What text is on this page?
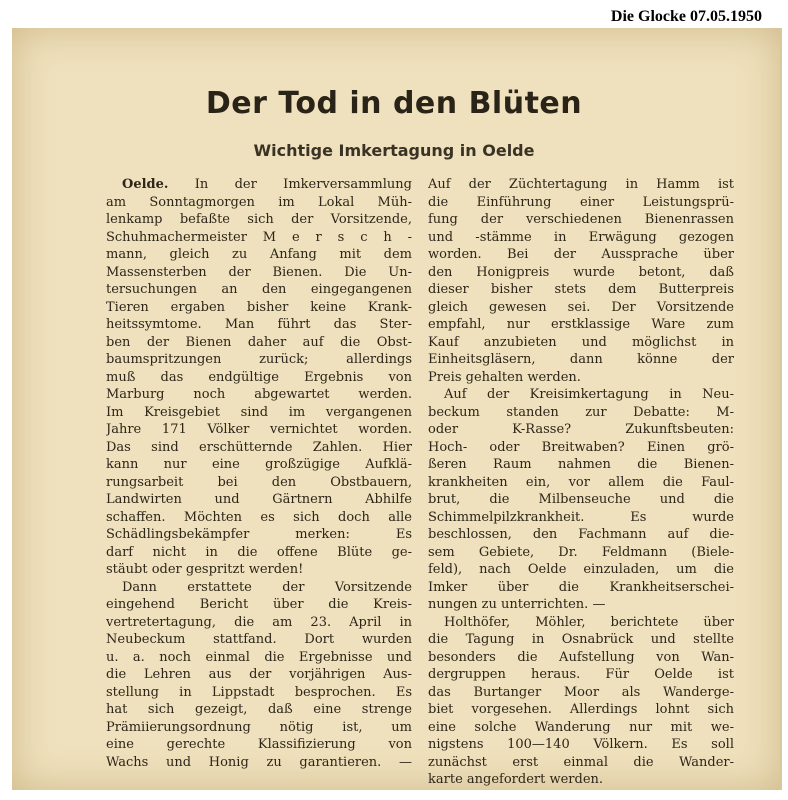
Die Glocke 07.05.1950
Der Tod in den Blüten
Wichtige Imkertagung in Oelde
Oelde. In der Imkerversammlung
am Sonntagmorgen im Lokal Müh-
lenkamp befaßte sich der Vorsitzende,
Schuhmachermeister M e r s c h -
mann, gleich zu Anfang mit dem
Massensterben der Bienen. Die Un-
tersuchungen an den eingegangenen
Tieren ergaben bisher keine Krank-
heitssymtome. Man führt das Ster-
ben der Bienen daher auf die Obst-
baumspritzungen zurück; allerdings
muß das endgültige Ergebnis von
Marburg noch abgewartet werden.
Im Kreisgebiet sind im vergangenen
Jahre 171 Völker vernichtet worden.
Das sind erschütternde Zahlen. Hier
kann nur eine großzügige Aufklä-
rungsarbeit bei den Obstbauern,
Landwirten und Gärtnern Abhilfe
schaffen. Möchten es sich doch alle
Schädlingsbekämpfer merken: Es
darf nicht in die offene Blüte ge-
stäubt oder gespritzt werden!
Dann erstattete der Vorsitzende
eingehend Bericht über die Kreis-
vertretertagung, die am 23. April in
Neubeckum stattfand. Dort wurden
u. a. noch einmal die Ergebnisse und
die Lehren aus der vorjährigen Aus-
stellung in Lippstadt besprochen. Es
hat sich gezeigt, daß eine strenge
Prämiierungsordnung nötig ist, um
eine gerechte Klassifizierung von
Wachs und Honig zu garantieren. —
Auf der Züchtertagung in Hamm ist
die Einführung einer Leistungsprü-
fung der verschiedenen Bienenrassen
und -stämme in Erwägung gezogen
worden. Bei der Aussprache über
den Honigpreis wurde betont, daß
dieser bisher stets dem Butterpreis
gleich gewesen sei. Der Vorsitzende
empfahl, nur erstklassige Ware zum
Kauf anzubieten und möglichst in
Einheitsgläsern, dann könne der
Preis gehalten werden.
Auf der Kreisimkertagung in Neu-
beckum standen zur Debatte: M-
oder K-Rasse? Zukunftsbeuten:
Hoch- oder Breitwaben? Einen grö-
ßeren Raum nahmen die Bienen-
krankheiten ein, vor allem die Faul-
brut, die Milbenseuche und die
Schimmelpilzkrankheit. Es wurde
beschlossen, den Fachmann auf die-
sem Gebiete, Dr. Feldmann (Biele-
feld), nach Oelde einzuladen, um die
Imker über die Krankheitserschei-
nungen zu unterrichten. —
Holthöfer, Möhler, berichtete über
die Tagung in Osnabrück und stellte
besonders die Aufstellung von Wan-
dergruppen heraus. Für Oelde ist
das Burtanger Moor als Wanderge-
biet vorgesehen. Allerdings lohnt sich
eine solche Wanderung nur mit we-
nigstens 100—140 Völkern. Es soll
zunächst erst einmal die Wander-
karte angefordert werden.
